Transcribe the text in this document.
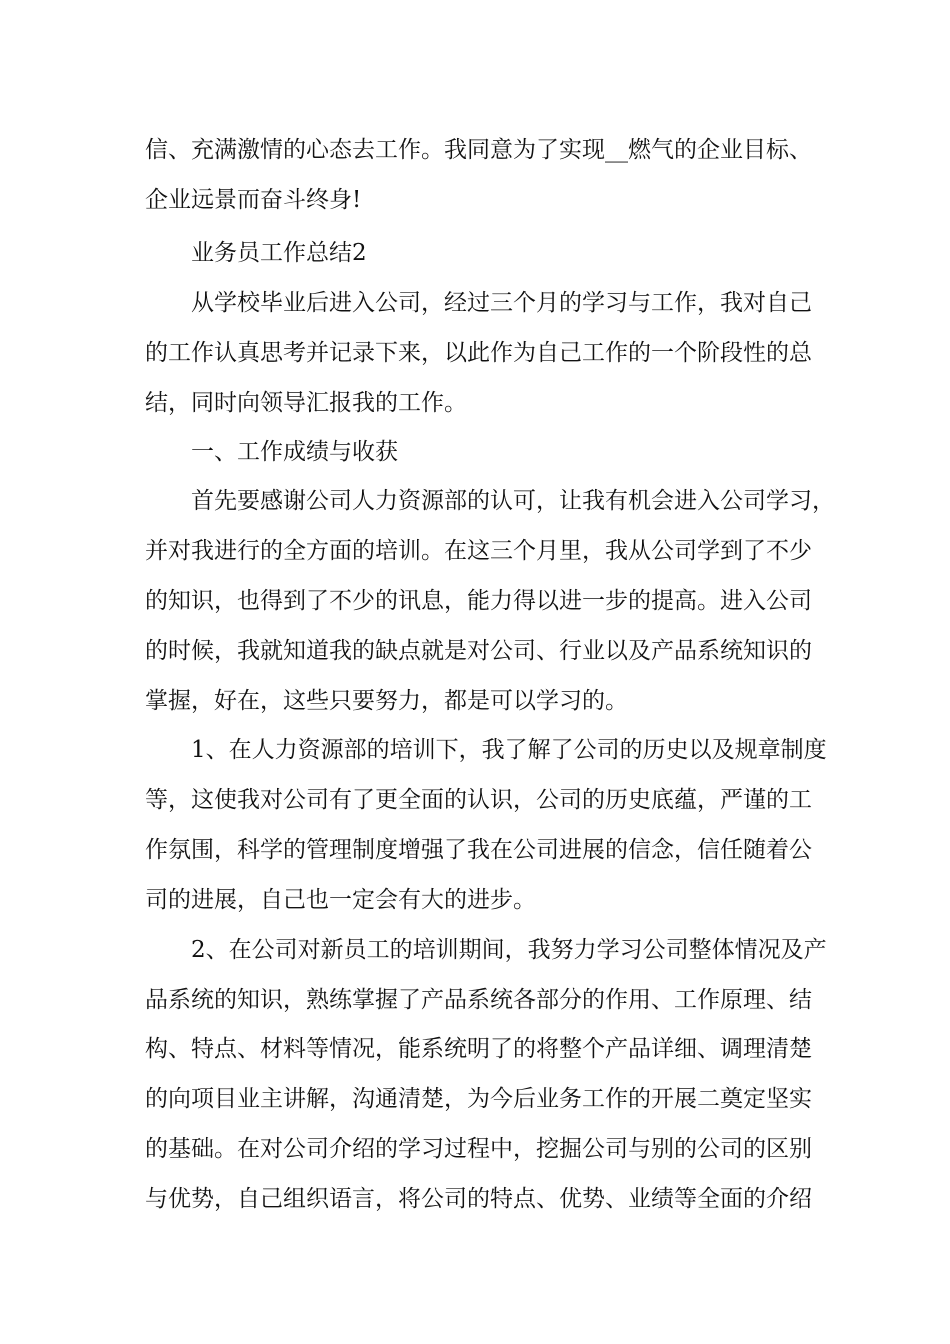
信、充满激情的心态去工作。我同意为了实现__燃气的企业目标、
企业远景而奋斗终身!
业务员工作总结2
从学校毕业后进入公司，经过三个月的学习与工作，我对自己
的工作认真思考并记录下来，以此作为自己工作的一个阶段性的总
结，同时向领导汇报我的工作。
一、工作成绩与收获
首先要感谢公司人力资源部的认可，让我有机会进入公司学习，
并对我进行的全方面的培训。在这三个月里，我从公司学到了不少
的知识，也得到了不少的讯息，能力得以进一步的提高。进入公司
的时候，我就知道我的缺点就是对公司、行业以及产品系统知识的
掌握，好在，这些只要努力，都是可以学习的。
1、在人力资源部的培训下，我了解了公司的历史以及规章制度
等，这使我对公司有了更全面的认识，公司的历史底蕴，严谨的工
作氛围，科学的管理制度增强了我在公司进展的信念，信任随着公
司的进展，自己也一定会有大的进步。
2、在公司对新员工的培训期间，我努力学习公司整体情况及产
品系统的知识，熟练掌握了产品系统各部分的作用、工作原理、结
构、特点、材料等情况，能系统明了的将整个产品详细、调理清楚
的向项目业主讲解，沟通清楚，为今后业务工作的开展二奠定坚实
的基础。在对公司介绍的学习过程中，挖掘公司与别的公司的区别
与优势，自己组织语言，将公司的特点、优势、业绩等全面的介绍
